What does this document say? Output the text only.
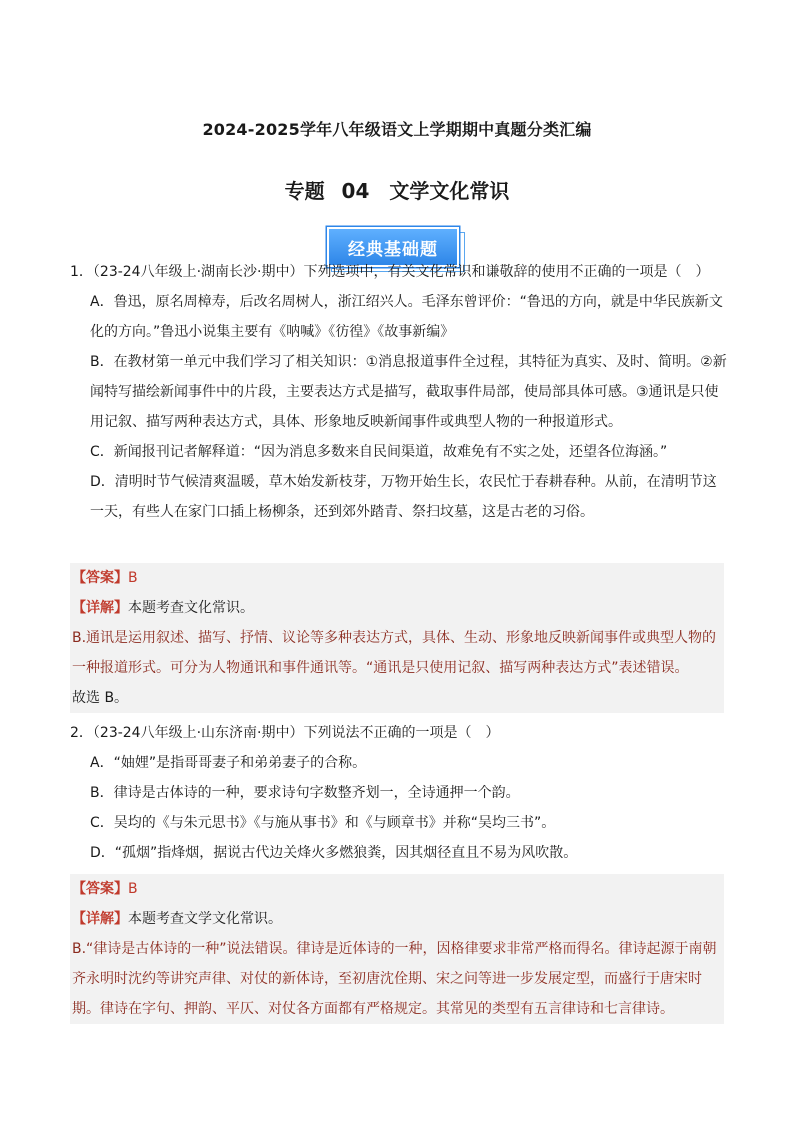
2024-2025学年八年级语文上学期期中真题分类汇编
专题 04　文学文化常识
经典基础题

1．（23-24八年级上·湖南长沙·期中）下列选项中，有关文化常识和谦敬辞的使用不正确的一项是（　）

A．鲁迅，原名周樟寿，后改名周树人，浙江绍兴人。毛泽东曾评价：“鲁迅的方向，就是中华民族新文化的方向。”鲁迅小说集主要有《呐喊》《彷徨》《故事新编》

B．在教材第一单元中我们学习了相关知识：①消息报道事件全过程，其特征为真实、及时、简明。②新闻特写描绘新闻事件中的片段，主要表达方式是描写，截取事件局部，使局部具体可感。③通讯是只使用记叙、描写两种表达方式，具体、形象地反映新闻事件或典型人物的一种报道形式。

C．新闻报刊记者解释道：“因为消息多数来自民间渠道，故难免有不实之处，还望各位海涵。”

D．清明时节气候清爽温暖，草木始发新枝芽，万物开始生长，农民忙于春耕春种。从前，在清明节这一天，有些人在家门口插上杨柳条，还到郊外踏青、祭扫坟墓，这是古老的习俗。

【答案】B

【详解】本题考查文化常识。

B.通讯是运用叙述、描写、抒情、议论等多种表达方式，具体、生动、形象地反映新闻事件或典型人物的一种报道形式。可分为人物通讯和事件通讯等。“通讯是只使用记叙、描写两种表达方式”表述错误。

故选 B。

2．（23-24八年级上·山东济南·期中）下列说法不正确的一项是（　）

A．“妯娌”是指哥哥妻子和弟弟妻子的合称。

B．律诗是古体诗的一种，要求诗句字数整齐划一，全诗通押一个韵。

C．吴均的《与朱元思书》《与施从事书》和《与顾章书》并称“吴均三书”。

D．“孤烟”指烽烟，据说古代边关烽火多燃狼粪，因其烟径直且不易为风吹散。

【答案】B

【详解】本题考查文学文化常识。

B.“律诗是古体诗的一种”说法错误。律诗是近体诗的一种，因格律要求非常严格而得名。律诗起源于南朝齐永明时沈约等讲究声律、对仗的新体诗，至初唐沈佺期、宋之问等进一步发展定型，而盛行于唐宋时期。律诗在字句、押韵、平仄、对仗各方面都有严格规定。其常见的类型有五言律诗和七言律诗。
